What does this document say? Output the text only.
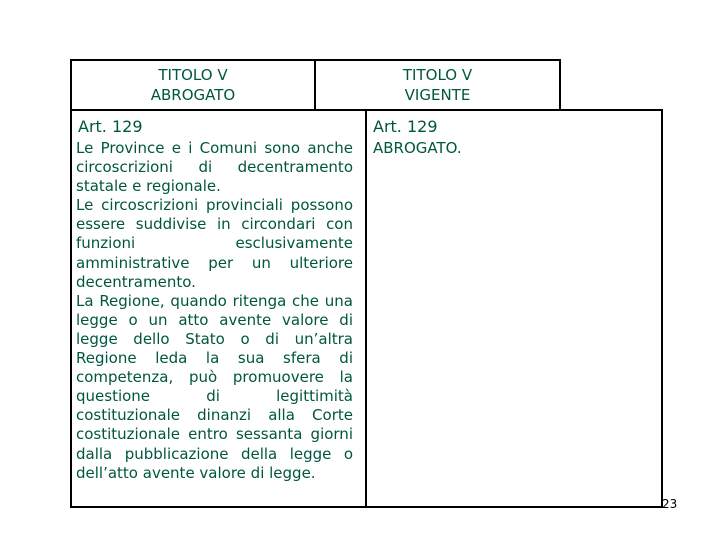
TITOLO V
ABROGATO
TITOLO V
VIGENTE
Art. 129

Le Province e i Comuni sono anche circoscrizioni di decentramento statale e regionale.

Le circoscrizioni provinciali possono essere suddivise in circondari con funzioni esclusivamente amministrative per un ulteriore decentramento.

La Regione, quando ritenga che una legge o un atto avente valore di legge dello Stato o di un’altra Regione leda la sua sfera di competenza, può promuovere la questione di legittimità costituzionale dinanzi alla Corte costituzionale entro sessanta giorni dalla pubblicazione della legge o dell’atto avente valore di legge.

Art. 129
ABROGATO.
23
